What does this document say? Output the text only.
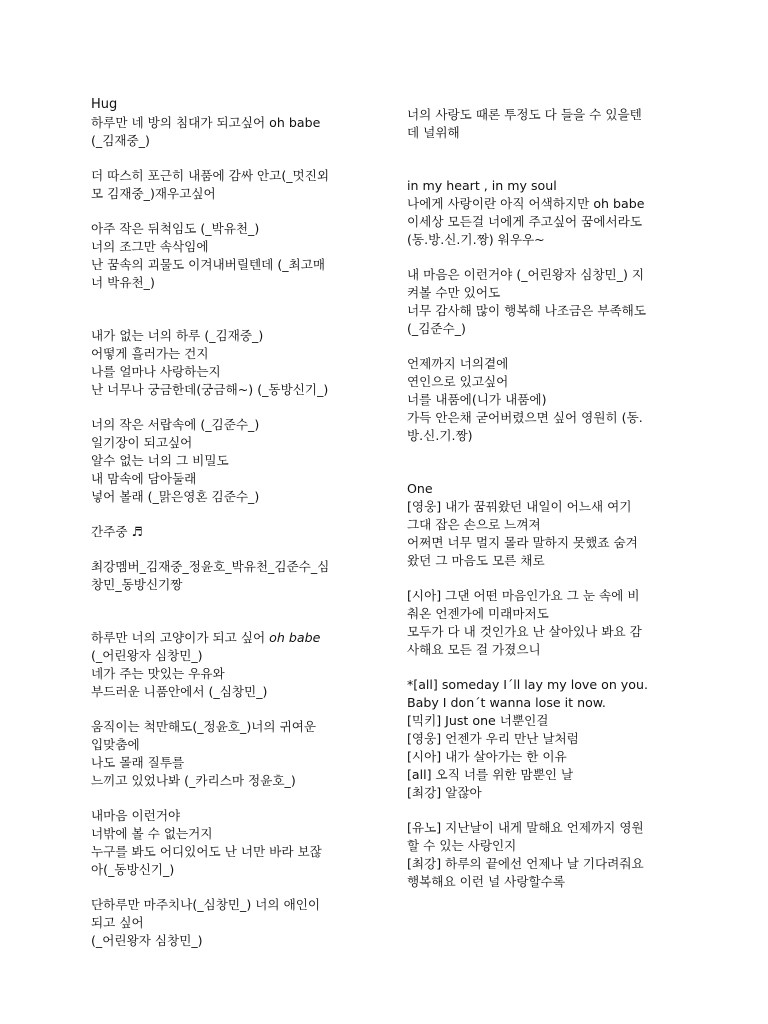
Hug

하루만 네 방의 침대가 되고싶어 oh babe

(_김재중_)

더 따스히 포근히 내품에 감싸 안고(_멋진외

모 김재중_)재우고싶어

아주 작은 뒤척임도 (_박유천_)

너의 조그만 속삭임에

난 꿈속의 괴물도 이겨내버릴텐데 (_최고매

너 박유천_)

내가 없는 너의 하루 (_김재중_)

어떻게 흘러가는 건지

나를 얼마나 사랑하는지

난 너무나 궁금한데(궁금해~) (_동방신기_)

너의 작은 서랍속에 (_김준수_)

일기장이 되고싶어

알수 없는 너의 그 비밀도

내 맘속에 담아둘래

넣어 볼래 (_맑은영혼 김준수_)

간주중 ♬

최강멤버_김재중_정윤호_박유천_김준수_심

창민_동방신기짱

하루만 너의 고양이가 되고 싶어 oh babe

(_어린왕자 심창민_)

네가 주는 맛있는 우유와

부드러운 니품안에서 (_심창민_)

움직이는 척만해도(_정윤호_)너의 귀여운

입맞춤에

나도 몰래 질투를

느끼고 있었나봐 (_카리스마 정윤호_)

내마음 이런거야

너밖에 볼 수 없는거지

누구를 봐도 어디있어도 난 너만 바라 보잖

아(_동방신기_)

단하루만 마주치나(_심창민_) 너의 애인이

되고 싶어

(_어린왕자 심창민_)

너의 사랑도 때론 투정도 다 들을 수 있을텐

데 널위해

in my heart , in my soul

나에게 사랑이란 아직 어색하지만 oh babe

이세상 모든걸 너에게 주고싶어 꿈에서라도

(동.방.신.기.짱) 워우우~

내 마음은 이런거야 (_어린왕자 심창민_) 지

켜볼 수만 있어도

너무 감사해 많이 행복해 나조금은 부족해도

(_김준수_)

언제까지 너의곁에

연인으로 있고싶어

너를 내품에(니가 내품에)

가득 안은채 굳어버렸으면 싶어 영원히 (동.

방.신.기.짱)

One

[영웅] 내가 꿈꿔왔던 내일이 어느새 여기

그대 잡은 손으로 느껴져

어쩌면 너무 멀지 몰라 말하지 못했죠 숨겨

왔던 그 마음도 모른 채로

[시아] 그댄 어떤 마음인가요 그 눈 속에 비

춰온 언젠가에 미래마저도

모두가 다 내 것인가요 난 살아있나 봐요 감

사해요 모든 걸 가졌으니

*[all] someday I´ll lay my love on you.

Baby I don´t wanna lose it now.

[믹키] Just one 너뿐인걸

[영웅] 언젠가 우리 만난 날처럼

[시아] 내가 살아가는 한 이유

[all] 오직 너를 위한 맘뿐인 날

[최강] 알잖아

[유노] 지난날이 내게 말해요 언제까지 영원

할 수 있는 사랑인지

[최강] 하루의 끝에선 언제나 날 기다려줘요

행복해요 이런 널 사랑할수록
